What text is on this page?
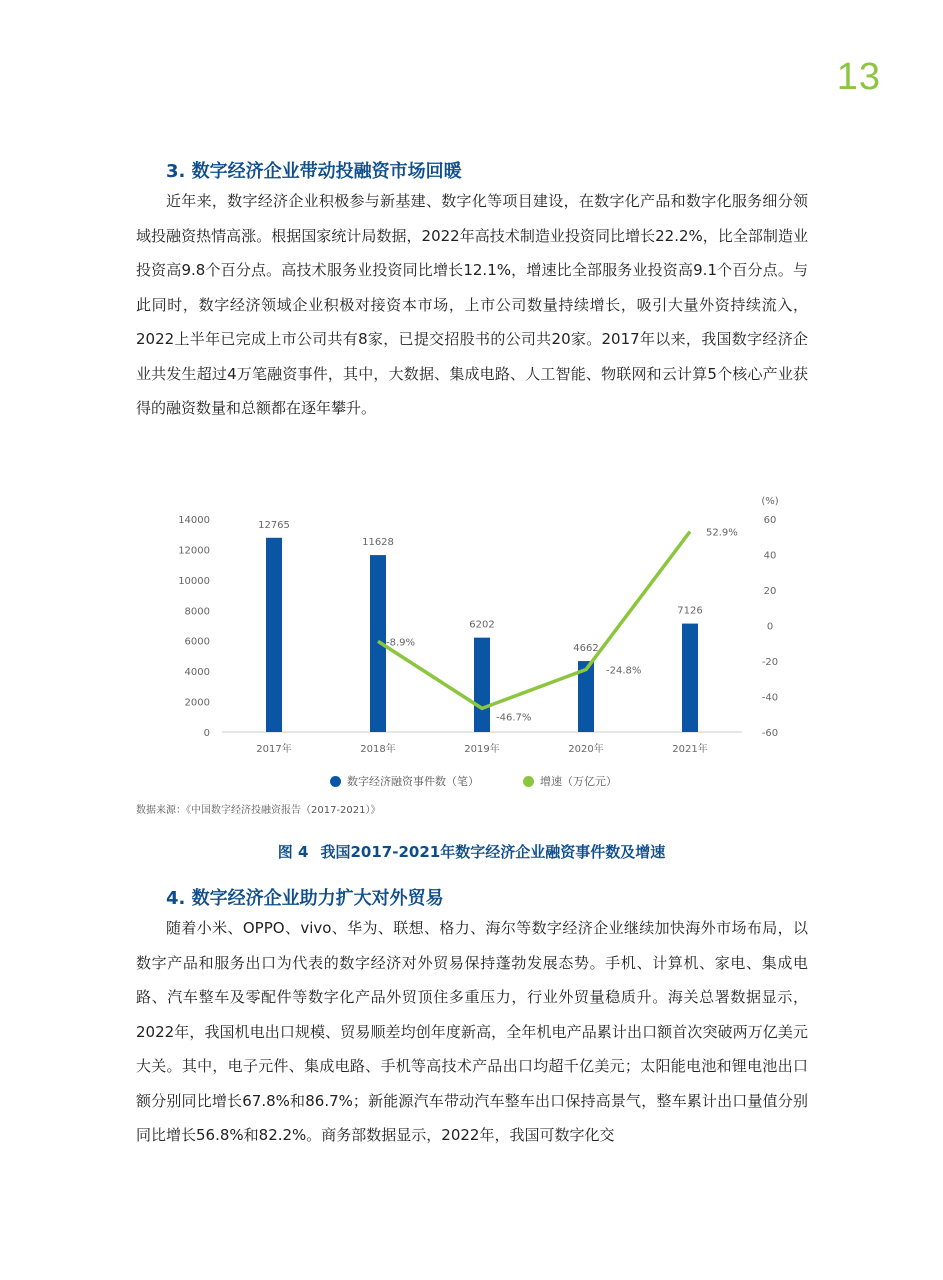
13
3. 数字经济企业带动投融资市场回暖

近年来，数字经济企业积极参与新基建、数字化等项目建设，在数字化产品和数字化服务细分领域投融资热情高涨。根据国家统计局数据，2022年高技术制造业投资同比增长22.2%，比全部制造业投资高9.8个百分点。高技术服务业投资同比增长12.1%，增速比全部服务业投资高9.1个百分点。与此同时，数字经济领域企业积极对接资本市场，上市公司数量持续增长，吸引大量外资持续流入，2022上半年已完成上市公司共有8家，已提交招股书的公司共20家。2017年以来，我国数字经济企业共发生超过4万笔融资事件，其中，大数据、集成电路、人工智能、物联网和云计算5个核心产业获得的融资数量和总额都在逐年攀升。

0
2000
4000
6000
8000
10000
12000
14000
-60
-40
-20
0
20
40
60
(%)
2017年	2018年	2019年	2020年	2021年
12765
11628
6202
4662
7126
-8.9%
-46.7%
-24.8%
52.9%
数字经济融资事件数（笔）	增速（万亿元）
数据来源：《中国数字经济投融资报告（2017-2021）》
图 4 我国2017-2021年数字经济企业融资事件数及增速
4. 数字经济企业助力扩大对外贸易

随着小米、OPPO、vivo、华为、联想、格力、海尔等数字经济企业继续加快海外市场布局，以数字产品和服务出口为代表的数字经济对外贸易保持蓬勃发展态势。手机、计算机、家电、集成电路、汽车整车及零配件等数字化产品外贸顶住多重压力，行业外贸量稳质升。海关总署数据显示，2022年，我国机电出口规模、贸易顺差均创年度新高，全年机电产品累计出口额首次突破两万亿美元大关。其中，电子元件、集成电路、手机等高技术产品出口均超千亿美元；太阳能电池和锂电池出口额分别同比增长67.8%和86.7%；新能源汽车带动汽车整车出口保持高景气，整车累计出口量值分别同比增长56.8%和82.2%。商务部数据显示，2022年，我国可数字化交
